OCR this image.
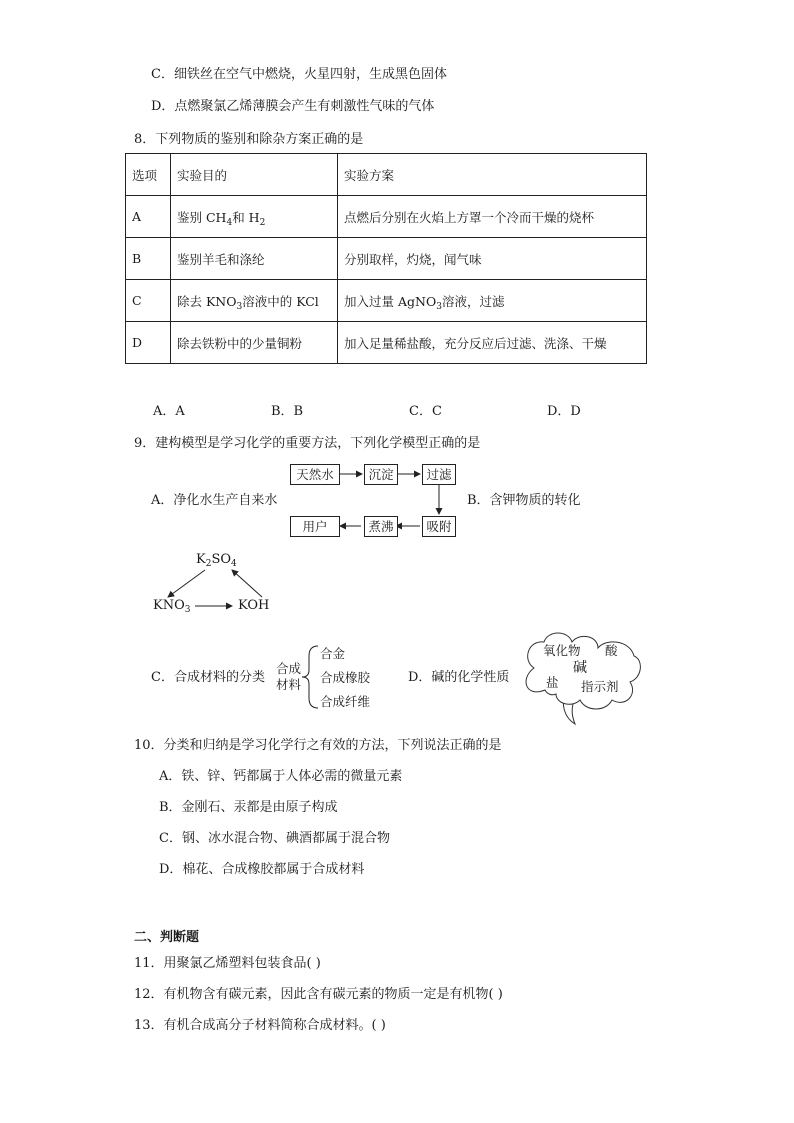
C．细铁丝在空气中燃烧，火星四射，生成黑色固体
D．点燃聚氯乙烯薄膜会产生有刺激性气味的气体
8．下列物质的鉴别和除杂方案正确的是
选项	实验目的	实验方案
A	鉴别 $CH_4$和 $H_2$	点燃后分别在火焰上方罩一个冷而干燥的烧杯
B	鉴别羊毛和涤纶	分别取样，灼烧，闻气味
C	除去 $KNO_3$溶液中的 KCl	加入过量 AgNO$_3$溶液，过滤
D	除去铁粉中的少量铜粉	加入足量稀盐酸，充分反应后过滤、洗涤、干燥
A．A	B．B	C．C	D．D
9．建构模型是学习化学的重要方法，下列化学模型正确的是
天然水	沉淀	过滤
吸附
煮沸
用户
A．净化水生产自来水	B．含钾物质的转化
$K_2SO_4$
$KNO_3$	KOH
C．合成材料的分类
合成
材料
合金
合成橡胶
合成纤维
D．碱的化学性质
氧化物 酸
碱
盐 指示剂
10．分类和归纳是学习化学行之有效的方法，下列说法正确的是
A．铁、锌、钙都属于人体必需的微量元素
B．金刚石、汞都是由原子构成
C．钢、冰水混合物、碘酒都属于混合物
D．棉花、合成橡胶都属于合成材料
二、判断题
11．用聚氯乙烯塑料包装食品( )
12．有机物含有碳元素，因此含有碳元素的物质一定是有机物( )
13．有机合成高分子材料简称合成材料。( )
